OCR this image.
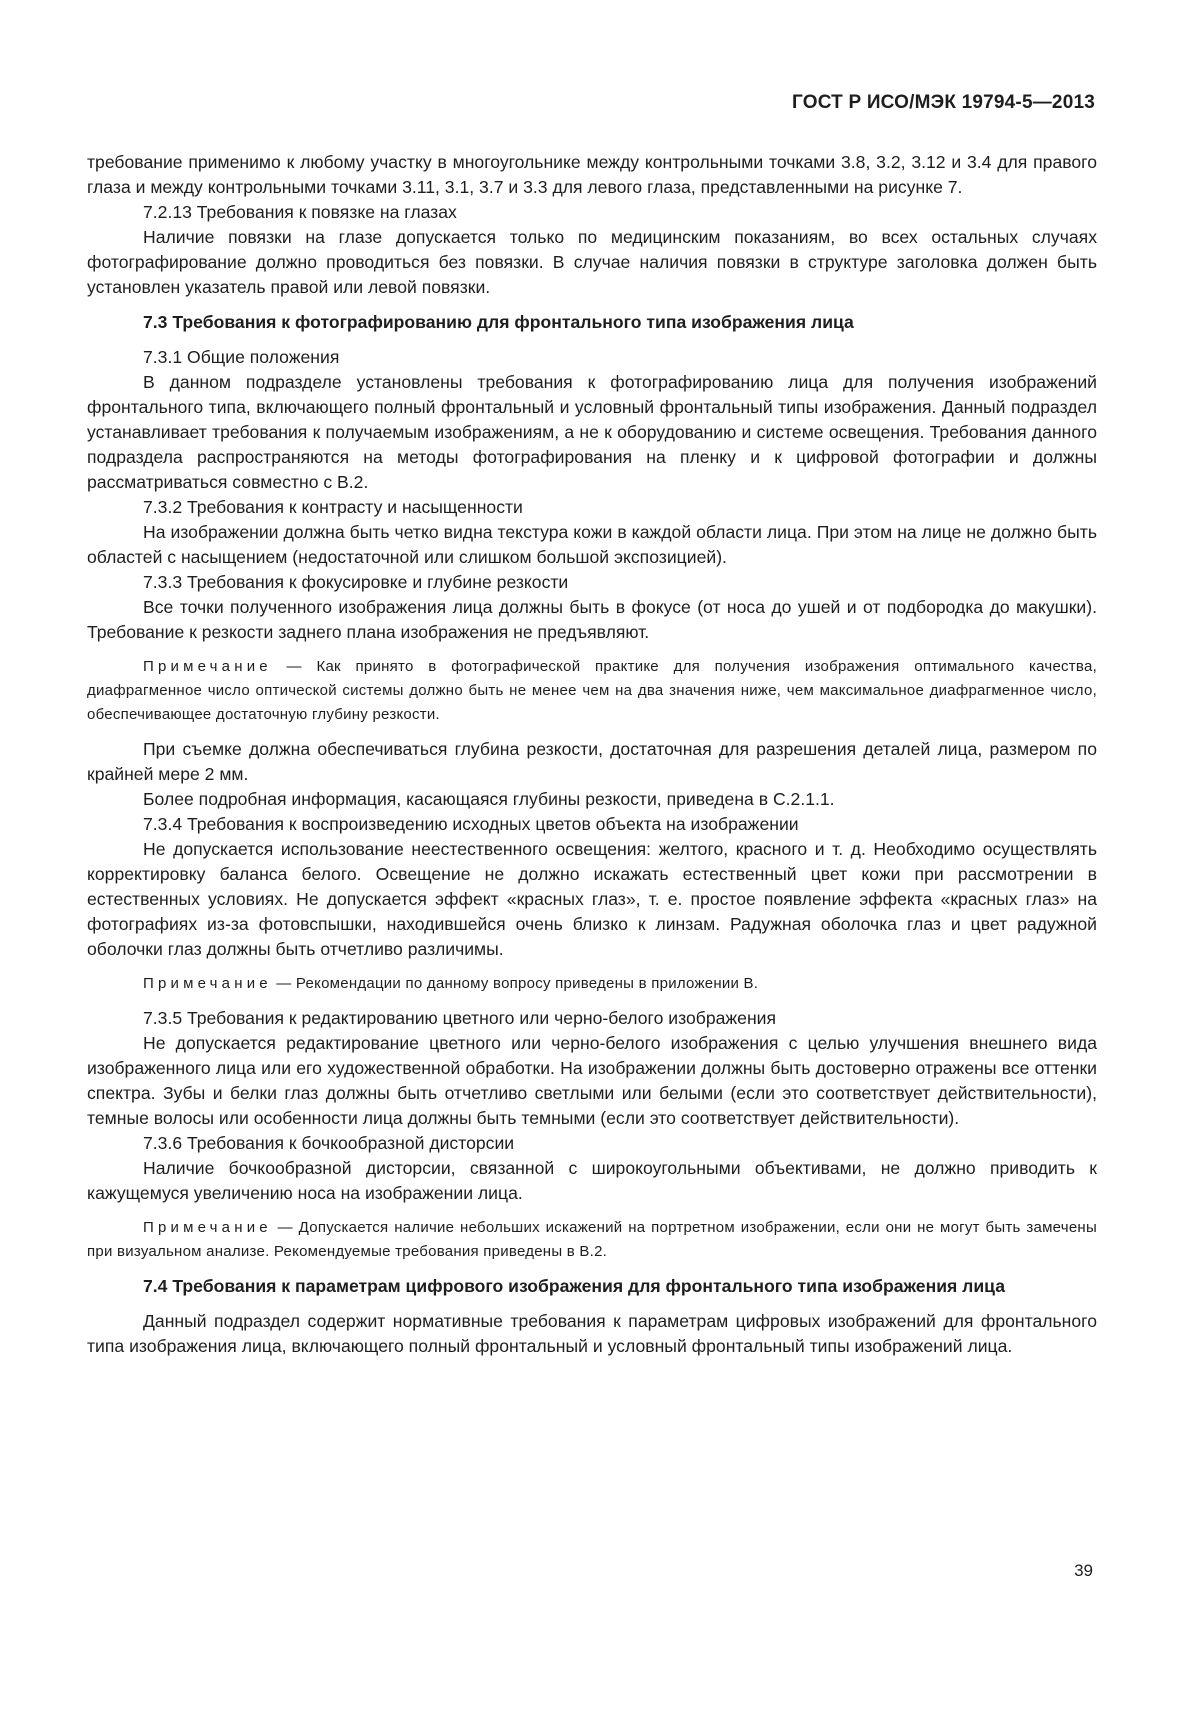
ГОСТ Р ИСО/МЭК 19794-5—2013

требование применимо к любому участку в многоугольнике между контрольными точками 3.8, 3.2, 3.12 и 3.4 для правого глаза и между контрольными точками 3.11, 3.1, 3.7 и 3.3 для левого глаза, представленными на рисунке 7.

7.2.13 Требования к повязке на глазах

Наличие повязки на глазе допускается только по медицинским показаниям, во всех остальных случаях фотографирование должно проводиться без повязки. В случае наличия повязки в структуре заголовка должен быть установлен указатель правой или левой повязки.

7.3 Требования к фотографированию для фронтального типа изображения лица

7.3.1 Общие положения

В данном подразделе установлены требования к фотографированию лица для получения изображений фронтального типа, включающего полный фронтальный и условный фронтальный типы изображения. Данный подраздел устанавливает требования к получаемым изображениям, а не к оборудованию и системе освещения. Требования данного подраздела распространяются на методы фотографирования на пленку и к цифровой фотографии и должны рассматриваться совместно с В.2.

7.3.2 Требования к контрасту и насыщенности

На изображении должна быть четко видна текстура кожи в каждой области лица. При этом на лице не должно быть областей с насыщением (недостаточной или слишком большой экспозицией).

7.3.3 Требования к фокусировке и глубине резкости

Все точки полученного изображения лица должны быть в фокусе (от носа до ушей и от подбородка до макушки). Требование к резкости заднего плана изображения не предъявляют.

Примечание — Как принято в фотографической практике для получения изображения оптимального качества, диафрагменное число оптической системы должно быть не менее чем на два значения ниже, чем максимальное диафрагменное число, обеспечивающее достаточную глубину резкости.

При съемке должна обеспечиваться глубина резкости, достаточная для разрешения деталей лица, размером по крайней мере 2 мм.

Более подробная информация, касающаяся глубины резкости, приведена в С.2.1.1.

7.3.4 Требования к воспроизведению исходных цветов объекта на изображении

Не допускается использование неестественного освещения: желтого, красного и т. д. Необходимо осуществлять корректировку баланса белого. Освещение не должно искажать естественный цвет кожи при рассмотрении в естественных условиях. Не допускается эффект «красных глаз», т. е. простое появление эффекта «красных глаз» на фотографиях из-за фотовспышки, находившейся очень близко к линзам. Радужная оболочка глаз и цвет радужной оболочки глаз должны быть отчетливо различимы.

Примечание — Рекомендации по данному вопросу приведены в приложении В.

7.3.5 Требования к редактированию цветного или черно-белого изображения

Не допускается редактирование цветного или черно-белого изображения с целью улучшения внешнего вида изображенного лица или его художественной обработки. На изображении должны быть достоверно отражены все оттенки спектра. Зубы и белки глаз должны быть отчетливо светлыми или белыми (если это соответствует действительности), темные волосы или особенности лица должны быть темными (если это соответствует действительности).

7.3.6 Требования к бочкообразной дисторсии

Наличие бочкообразной дисторсии, связанной с широкоугольными объективами, не должно приводить к кажущемуся увеличению носа на изображении лица.

Примечание — Допускается наличие небольших искажений на портретном изображении, если они не могут быть замечены при визуальном анализе. Рекомендуемые требования приведены в В.2.

7.4 Требования к параметрам цифрового изображения для фронтального типа изображения лица

Данный подраздел содержит нормативные требования к параметрам цифровых изображений для фронтального типа изображения лица, включающего полный фронтальный и условный фронтальный типы изображений лица.

39
